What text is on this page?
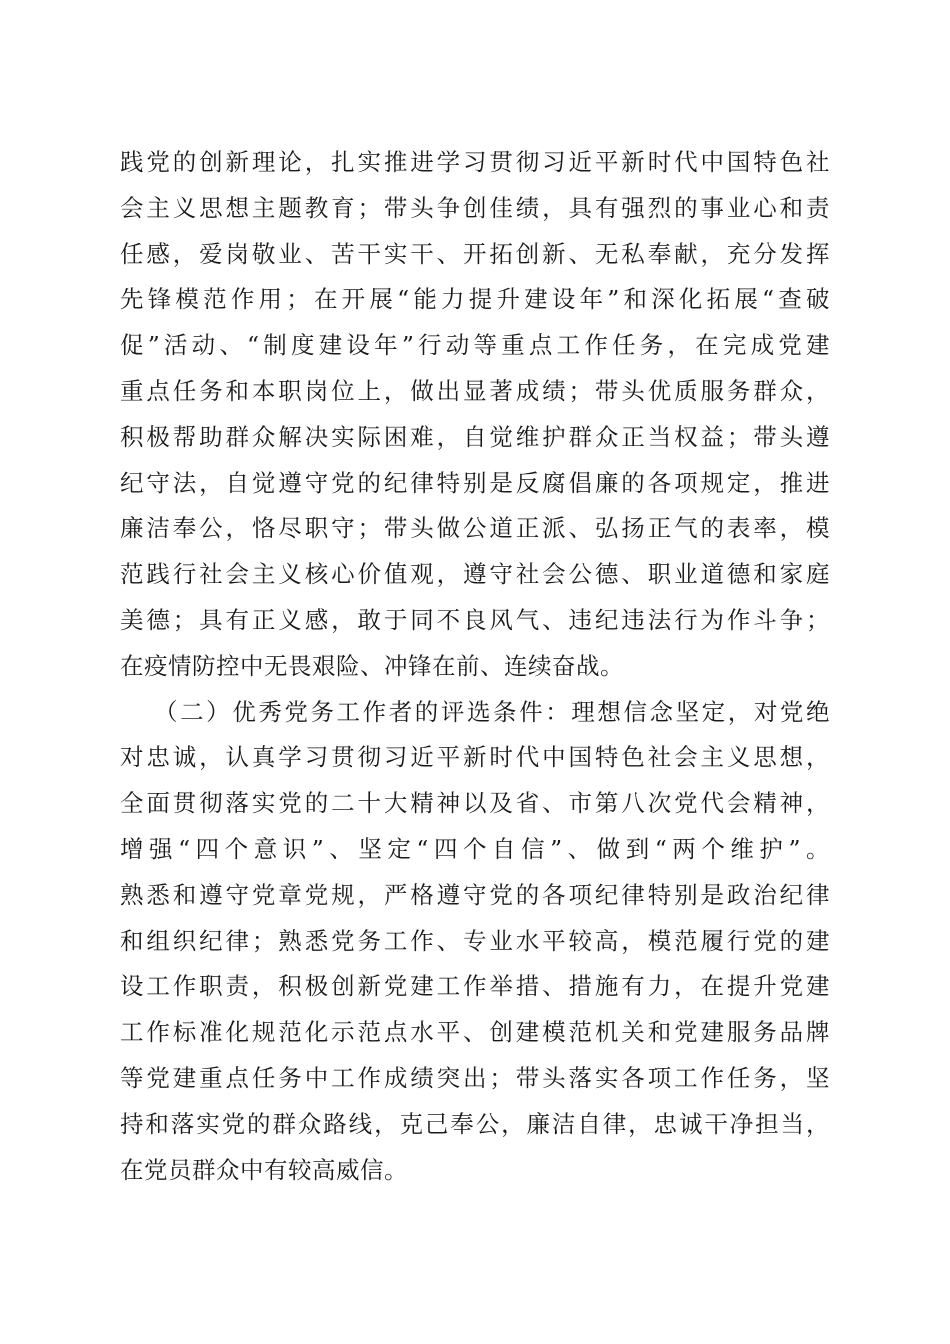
践党的创新理论，扎实推进学习贯彻习近平新时代中国特色社
会主义思想主题教育；带头争创佳绩，具有强烈的事业心和责
任感，爱岗敬业、苦干实干、开拓创新、无私奉献，充分发挥
先锋模范作用；在开展“能力提升建设年”和深化拓展“查破
促”活动、“制度建设年”行动等重点工作任务，在完成党建
重点任务和本职岗位上，做出显著成绩；带头优质服务群众，
积极帮助群众解决实际困难，自觉维护群众正当权益；带头遵
纪守法，自觉遵守党的纪律特别是反腐倡廉的各项规定，推进
廉洁奉公，恪尽职守；带头做公道正派、弘扬正气的表率，模
范践行社会主义核心价值观，遵守社会公德、职业道德和家庭
美德；具有正义感，敢于同不良风气、违纪违法行为作斗争；
在疫情防控中无畏艰险、冲锋在前、连续奋战。
（二）优秀党务工作者的评选条件：理想信念坚定，对党绝
对忠诚，认真学习贯彻习近平新时代中国特色社会主义思想，
全面贯彻落实党的二十大精神以及省、市第八次党代会精神，
增强“四个意识”、坚定“四个自信”、做到“两个维护”。
熟悉和遵守党章党规，严格遵守党的各项纪律特别是政治纪律
和组织纪律；熟悉党务工作、专业水平较高，模范履行党的建
设工作职责，积极创新党建工作举措、措施有力，在提升党建
工作标准化规范化示范点水平、创建模范机关和党建服务品牌
等党建重点任务中工作成绩突出；带头落实各项工作任务，坚
持和落实党的群众路线，克己奉公，廉洁自律，忠诚干净担当，
在党员群众中有较高威信。
